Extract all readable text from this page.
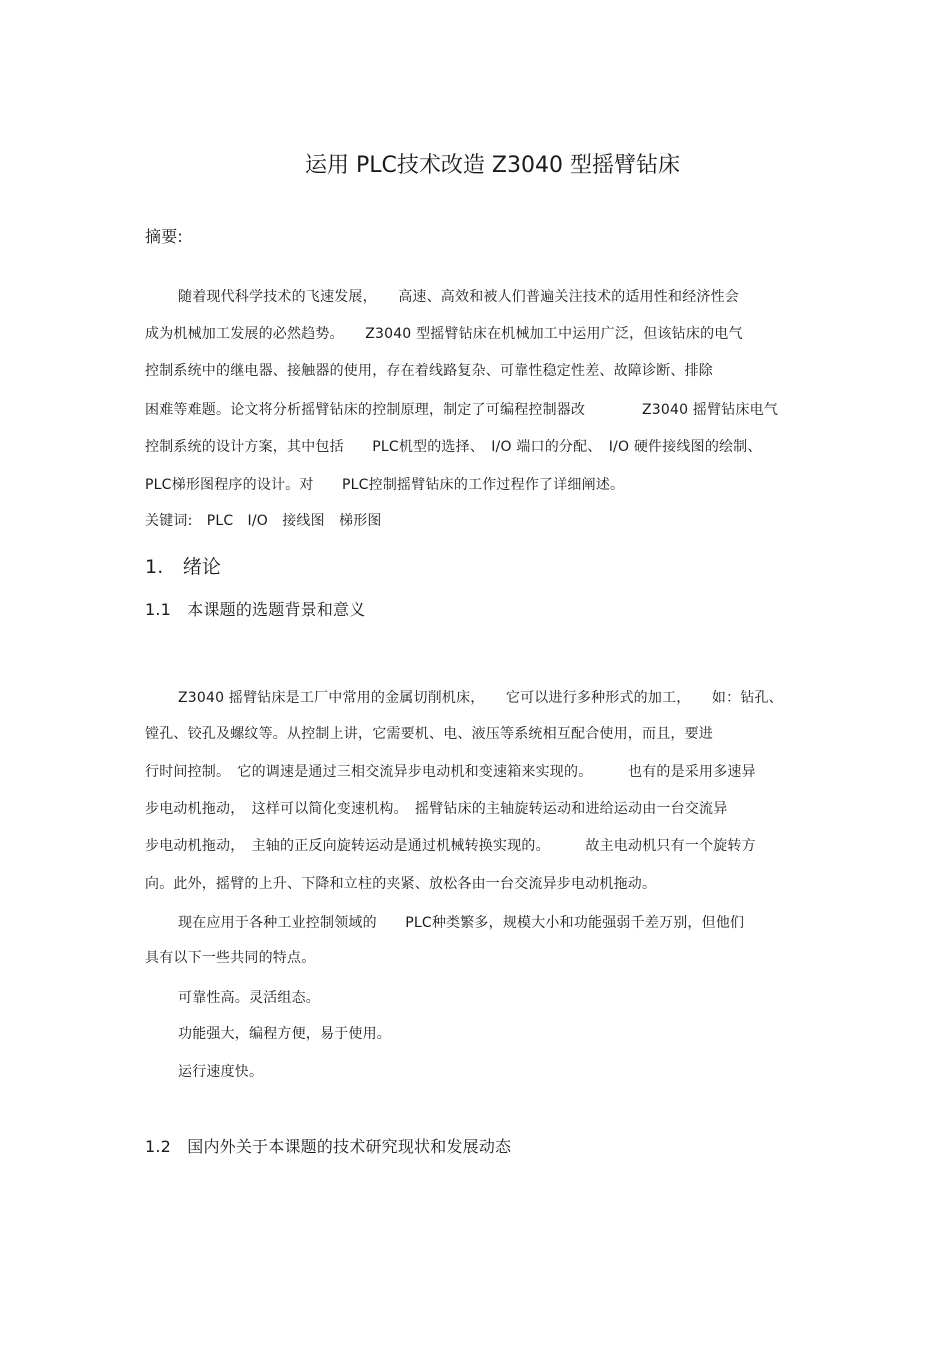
运用 PLC技术改造 Z3040 型摇臂钻床
摘要:
随着现代科学技术的飞速发展，　　高速、高效和被人们普遍关注技术的适用性和经济性会
成为机械加工发展的必然趋势。　　Z3040 型摇臂钻床在机械加工中运用广泛，但该钻床的电气
控制系统中的继电器、接触器的使用，存在着线路复杂、可靠性稳定性差、故障诊断、排除
困难等难题。论文将分析摇臂钻床的控制原理，制定了可编程控制器改　　　　Z3040 摇臂钻床电气
控制系统的设计方案，其中包括　　PLC机型的选择、　I/O 端口的分配、　I/O 硬件接线图的绘制、
PLC梯形图程序的设计。对　　PLC控制摇臂钻床的工作过程作了详细阐述。
关键词:　PLC　I/O　接线图　梯形图
1.　绪论
1.1　本课题的选题背景和意义
Z3040 摇臂钻床是工厂中常用的金属切削机床，　　它可以进行多种形式的加工，　　如：钻孔、
镗孔、铰孔及螺纹等。从控制上讲，它需要机、电、液压等系统相互配合使用，而且，要进
行时间控制。　它的调速是通过三相交流异步电动机和变速箱来实现的。　　　也有的是采用多速异
步电动机拖动，　这样可以简化变速机构。　摇臂钻床的主轴旋转运动和进给运动由一台交流异
步电动机拖动，　主轴的正反向旋转运动是通过机械转换实现的。　　　故主电动机只有一个旋转方
向。此外，摇臂的上升、下降和立柱的夹紧、放松各由一台交流异步电动机拖动。
现在应用于各种工业控制领域的　　PLC种类繁多，规模大小和功能强弱千差万别，但他们
具有以下一些共同的特点。
可靠性高。灵活组态。
功能强大，编程方便，易于使用。
运行速度快。
1.2　国内外关于本课题的技术研究现状和发展动态
